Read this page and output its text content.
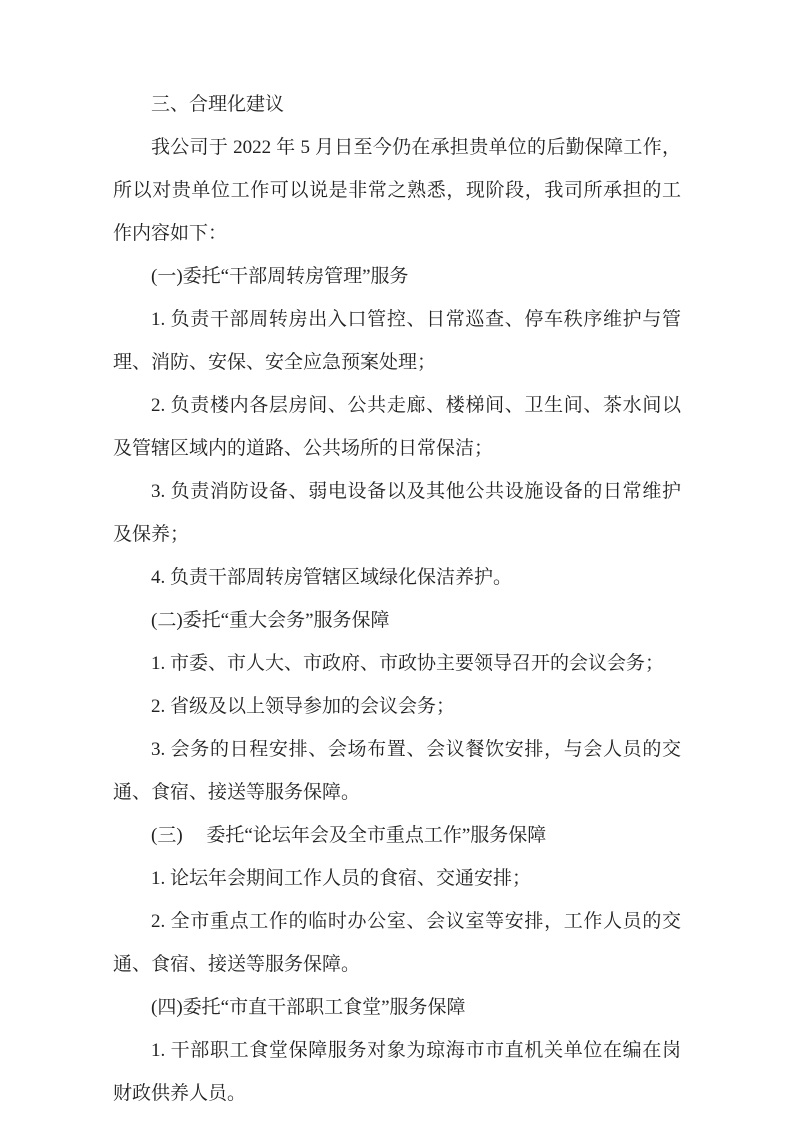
三、合理化建议

我公司于 2022 年 5 月日至今仍在承担贵单位的后勤保障工作，所以对贵单位工作可以说是非常之熟悉，现阶段，我司所承担的工作内容如下：

(一)委托“干部周转房管理”服务

1. 负责干部周转房出入口管控、日常巡查、停车秩序维护与管理、消防、安保、安全应急预案处理；

2. 负责楼内各层房间、公共走廊、楼梯间、卫生间、茶水间以及管辖区域内的道路、公共场所的日常保洁；

3. 负责消防设备、弱电设备以及其他公共设施设备的日常维护及保养；

4. 负责干部周转房管辖区域绿化保洁养护。

(二)委托“重大会务”服务保障

1. 市委、市人大、市政府、市政协主要领导召开的会议会务；

2. 省级及以上领导参加的会议会务；

3. 会务的日程安排、会场布置、会议餐饮安排，与会人员的交通、食宿、接送等服务保障。

(三)　 委托“论坛年会及全市重点工作”服务保障

1. 论坛年会期间工作人员的食宿、交通安排；

2. 全市重点工作的临时办公室、会议室等安排，工作人员的交通、食宿、接送等服务保障。

(四)委托“市直干部职工食堂”服务保障

1. 干部职工食堂保障服务对象为琼海市市直机关单位在编在岗财政供养人员。
